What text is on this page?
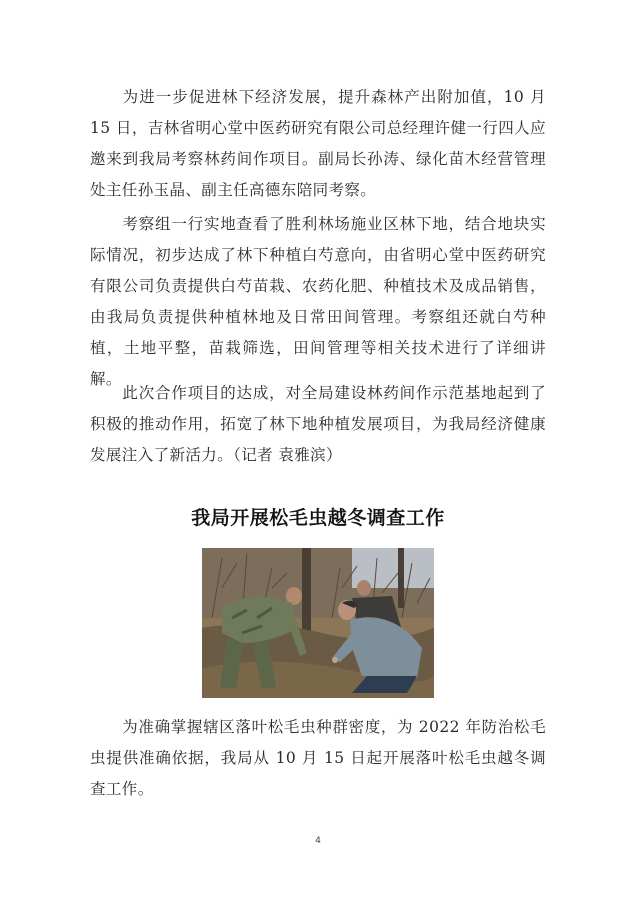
为进一步促进林下经济发展，提升森林产出附加值，10 月15 日，吉林省明心堂中医药研究有限公司总经理许健一行四人应邀来到我局考察林药间作项目。副局长孙涛、绿化苗木经营管理处主任孙玉晶、副主任高德东陪同考察。

考察组一行实地查看了胜利林场施业区林下地，结合地块实际情况，初步达成了林下种植白芍意向，由省明心堂中医药研究有限公司负责提供白芍苗栽、农药化肥、种植技术及成品销售，由我局负责提供种植林地及日常田间管理。考察组还就白芍种植，土地平整，苗栽筛选，田间管理等相关技术进行了详细讲解。

此次合作项目的达成，对全局建设林药间作示范基地起到了积极的推动作用，拓宽了林下地种植发展项目，为我局经济健康发展注入了新活力。（记者 袁雅滨）

我局开展松毛虫越冬调查工作

为准确掌握辖区落叶松毛虫种群密度，为 2022 年防治松毛虫提供准确依据，我局从 10 月 15 日起开展落叶松毛虫越冬调查工作。

4
